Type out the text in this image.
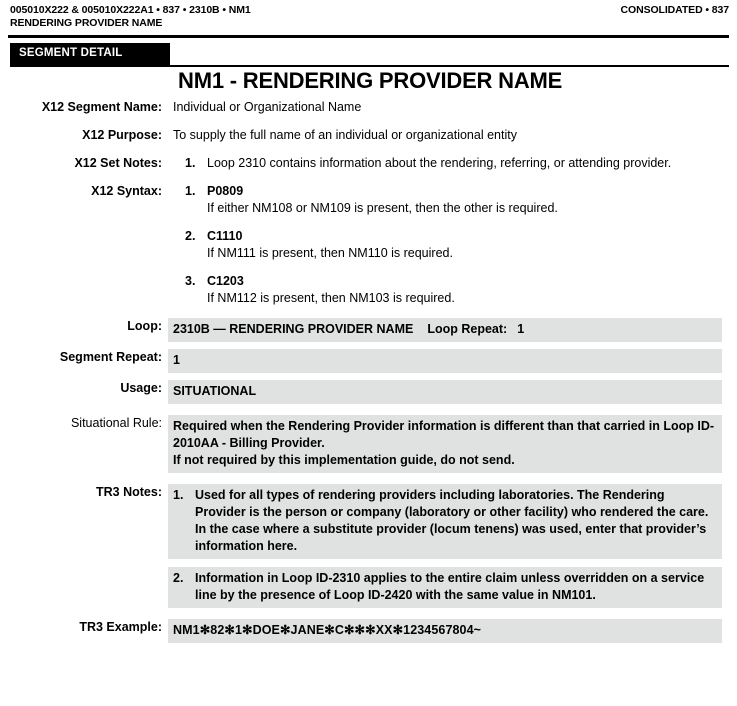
005010X222 & 005010X222A1 • 837 • 2310B • NM1
RENDERING PROVIDER NAME
CONSOLIDATED • 837
SEGMENT DETAIL
NM1 - RENDERING PROVIDER NAME
X12 Segment Name: Individual or Organizational Name
X12 Purpose: To supply the full name of an individual or organizational entity
X12 Set Notes:	1. Loop 2310 contains information about the rendering, referring, or attending provider.
X12 Syntax:	1. P0809
If either NM108 or NM109 is present, then the other is required.
2. C1110
If NM111 is present, then NM110 is required.
3. C1203
If NM112 is present, then NM103 is required.
Loop: 2310B — RENDERING PROVIDER NAME Loop Repeat: 1
Segment Repeat: 1
Usage: SITUATIONAL
Situational Rule: Required when the Rendering Provider information is different than that carried in Loop ID-2010AA - Billing Provider.
If not required by this implementation guide, do not send.
TR3 Notes: 1. Used for all types of rendering providers including laboratories. The Rendering Provider is the person or company (laboratory or other facility) who rendered the care. In the case where a substitute provider (locum tenens) was used, enter that provider’s information here.
2. Information in Loop ID-2310 applies to the entire claim unless overridden on a service line by the presence of Loop ID-2420 with the same value in NM101.
TR3 Example: NM1✻82✻1✻DOE✻JANE✻C✻✻✻XX✻1234567804~
